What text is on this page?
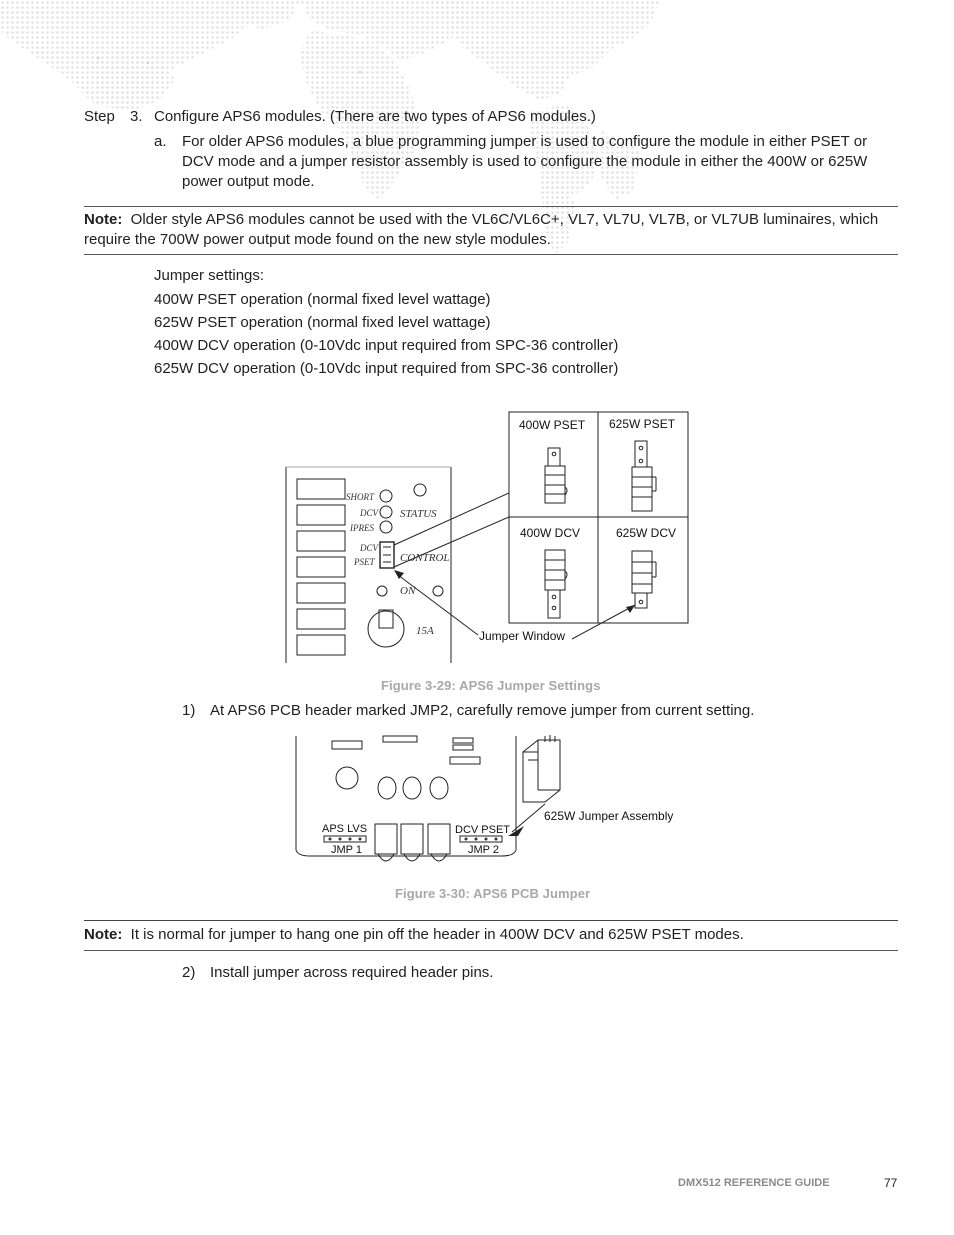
Step 3. Configure APS6 modules. (There are two types of APS6 modules.)
a. For older APS6 modules, a blue programming jumper is used to configure the module in either PSET or DCV mode and a jumper resistor assembly is used to configure the module in either the 400W or 625W power output mode.
Note: Older style APS6 modules cannot be used with the VL6C/VL6C+, VL7, VL7U, VL7B, or VL7UB luminaires, which require the 700W power output mode found on the new style modules.
Jumper settings:
400W PSET operation (normal fixed level wattage)
625W PSET operation (normal fixed level wattage)
400W DCV operation (0-10Vdc input required from SPC-36 controller)
625W DCV operation (0-10Vdc input required from SPC-36 controller)
SHORT
DCV
IPRES
DCV
PSET
STATUS
CONTROL
ON
15A
400W PSET 625W PSET
400W DCV	625W DCV
Jumper Window
Figure 3-29: APS6 Jumper Settings
1) At APS6 PCB header marked JMP2, carefully remove jumper from current setting.
APS LVS
JMP 1
DCV PSET
JMP 2
625W Jumper Assembly
Figure 3-30: APS6 PCB Jumper
Note: It is normal for jumper to hang one pin off the header in 400W DCV and 625W PSET modes.
2) Install jumper across required header pins.
DMX512 REFERENCE GUIDE	77
